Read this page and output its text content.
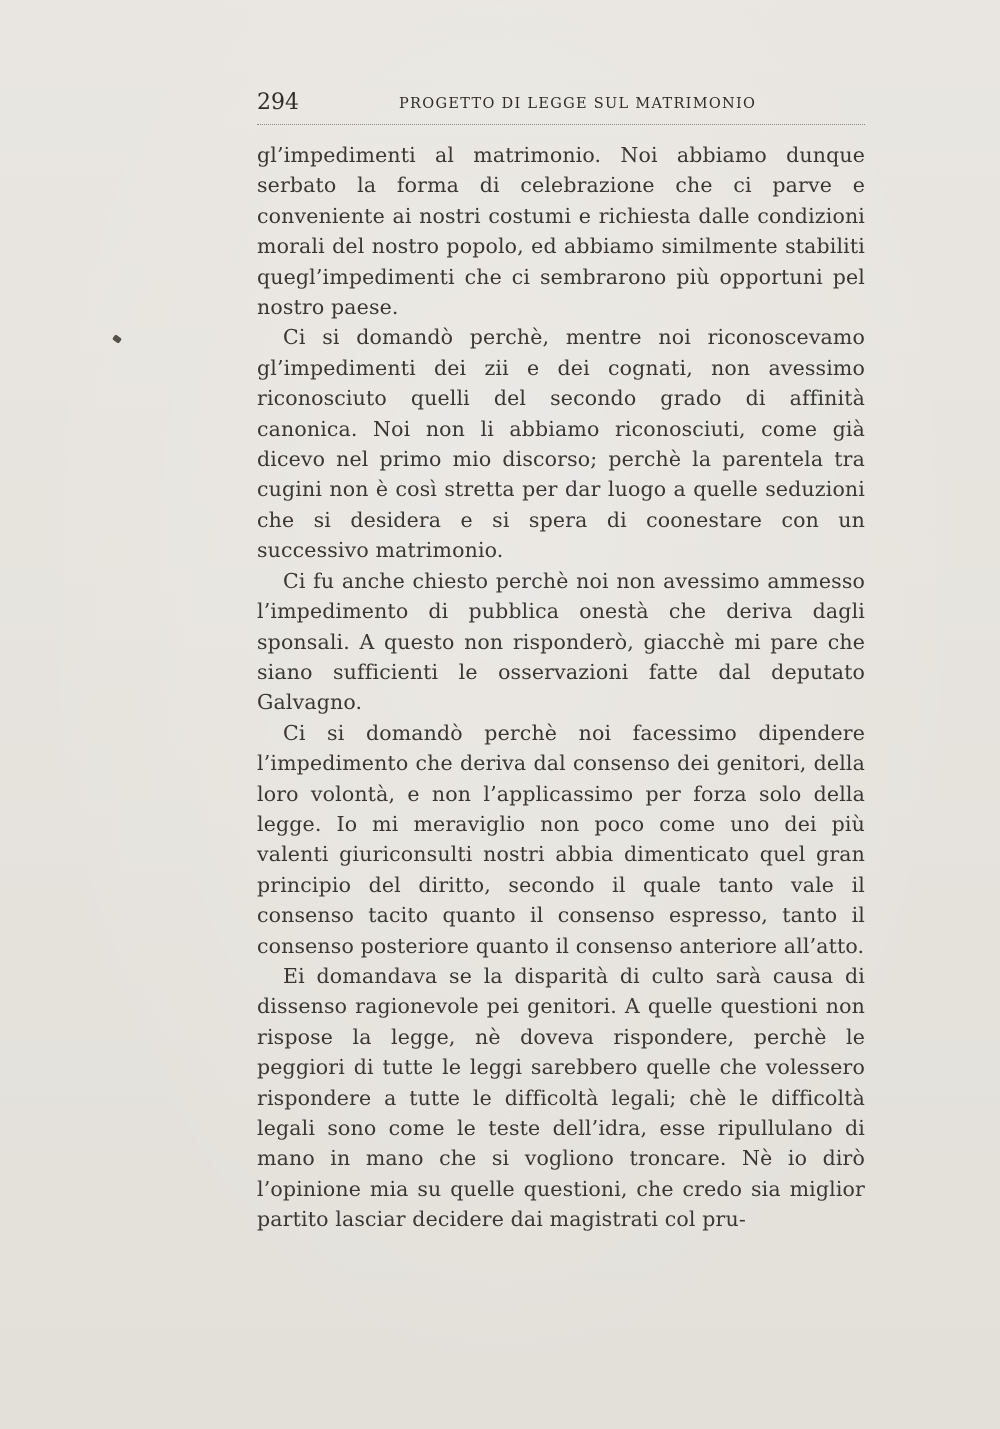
294	PROGETTO DI LEGGE SUL MATRIMONIO

gl’impedimenti al matrimonio. Noi abbiamo dunque serbato la forma di celebrazione che ci parve e conveniente ai nostri costumi e richiesta dalle condizioni morali del nostro popolo, ed abbiamo similmente stabiliti quegl’impedimenti che ci sembrarono più opportuni pel nostro paese.

Ci si domandò perchè, mentre noi riconoscevamo gl’impedimenti dei zii e dei cognati, non avessimo riconosciuto quelli del secondo grado di affinità canonica. Noi non li abbiamo riconosciuti, come già dicevo nel primo mio discorso; perchè la parentela tra cugini non è così stretta per dar luogo a quelle seduzioni che si desidera e si spera di coonestare con un successivo matrimonio.

Ci fu anche chiesto perchè noi non avessimo ammesso l’impedimento di pubblica onestà che deriva dagli sponsali. A questo non risponderò, giacchè mi pare che siano sufficienti le osservazioni fatte dal deputato Galvagno.

Ci si domandò perchè noi facessimo dipendere l’impedimento che deriva dal consenso dei genitori, della loro volontà, e non l’applicassimo per forza solo della legge. Io mi meraviglio non poco come uno dei più valenti giuriconsulti nostri abbia dimenticato quel gran principio del diritto, secondo il quale tanto vale il consenso tacito quanto il consenso espresso, tanto il consenso posteriore quanto il consenso anteriore all’atto.

Ei domandava se la disparità di culto sarà causa di dissenso ragionevole pei genitori. A quelle questioni non rispose la legge, nè doveva rispondere, perchè le peggiori di tutte le leggi sarebbero quelle che volessero rispondere a tutte le difficoltà legali; chè le difficoltà legali sono come le teste dell’idra, esse ripullulano di mano in mano che si vogliono troncare. Nè io dirò l’opinione mia su quelle questioni, che credo sia miglior partito lasciar decidere dai magistrati col pru-
